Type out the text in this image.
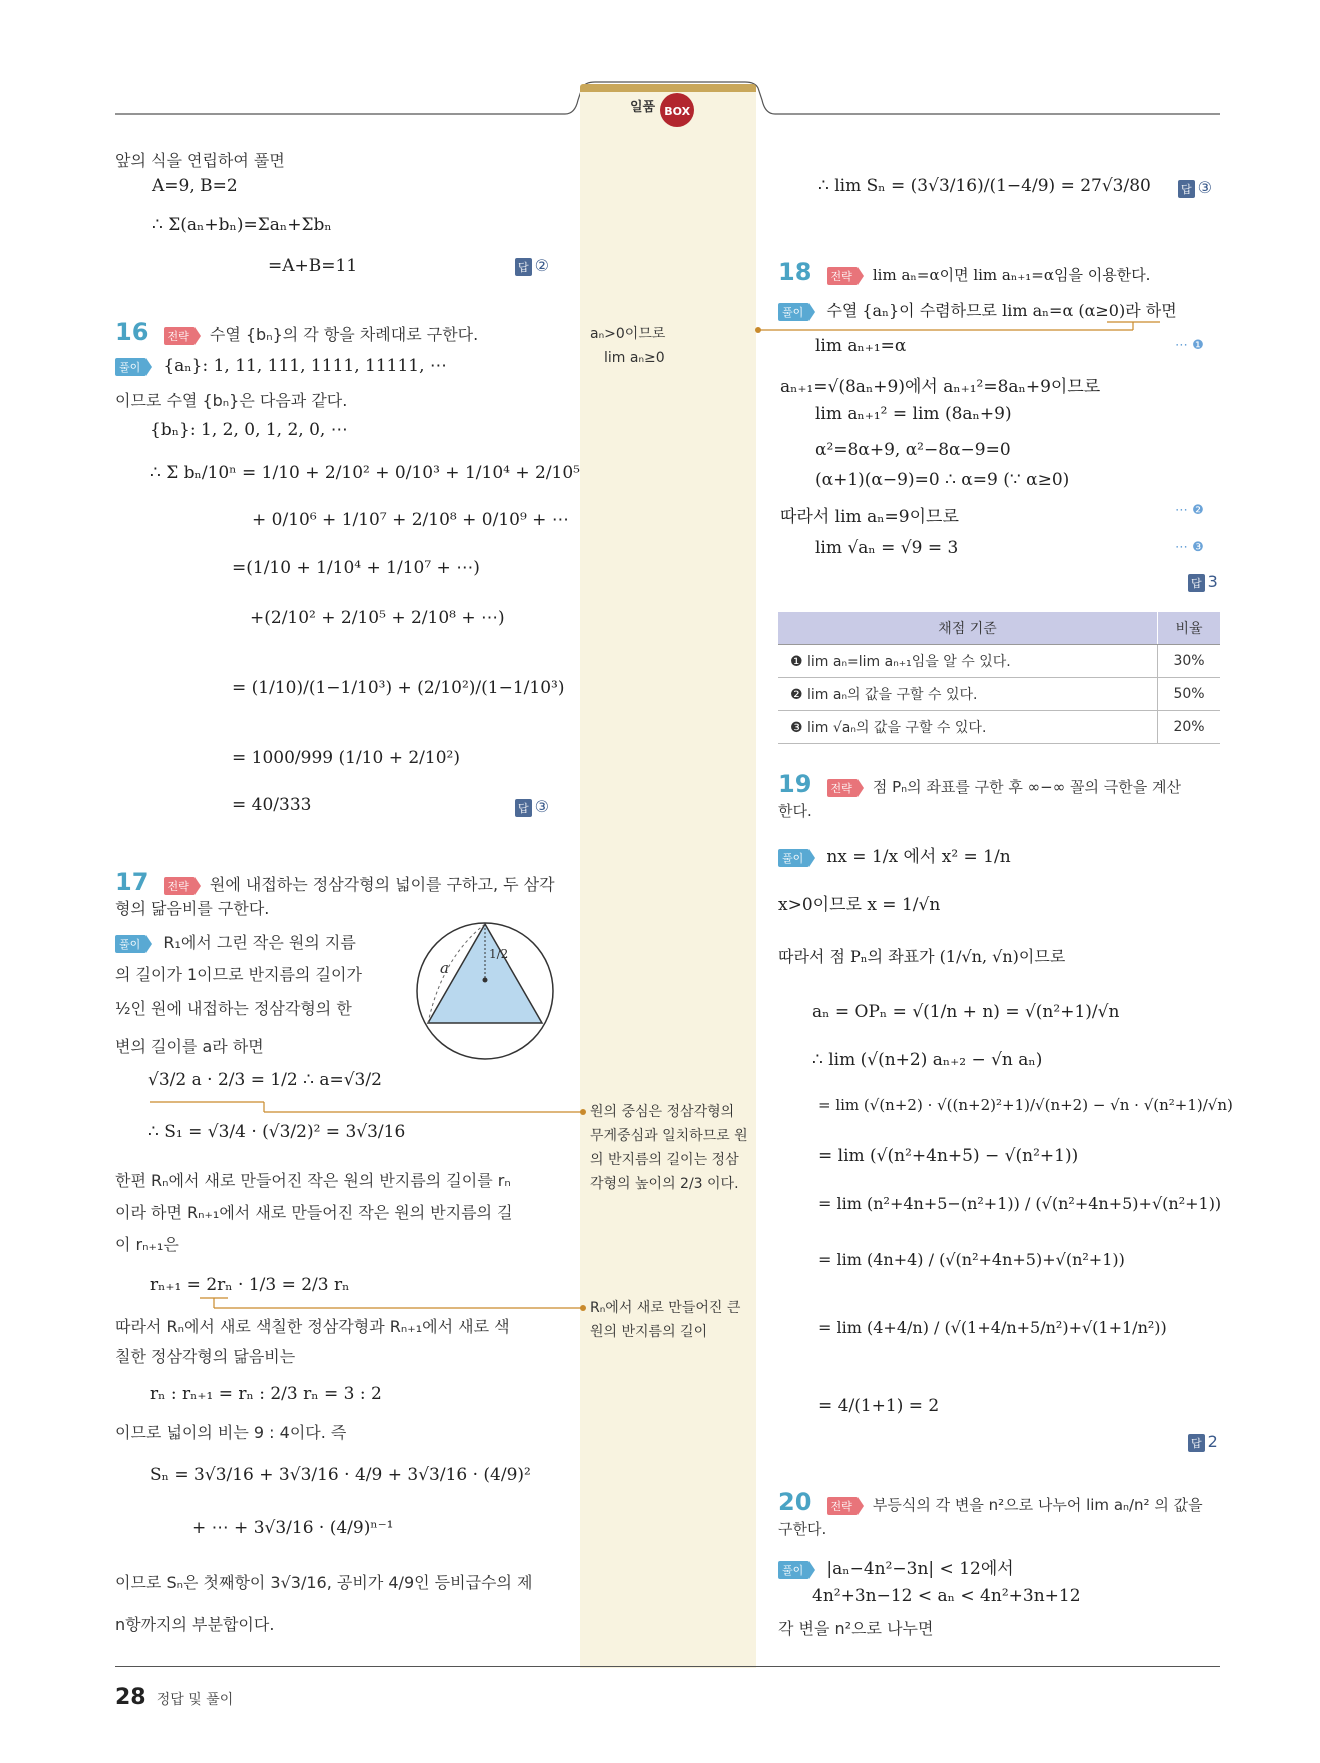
$^{일품}$ BOX
앞의 식을 연립하여 풀면
A=9, B=2
∴ Σ(aₙ+bₙ)=Σaₙ+Σbₙ
=A+B=11	답 ②
16 전략 수열 {bₙ}의 각 항을 차례대로 구한다.
풀이 {aₙ}: 1, 11, 111, 1111, 11111, ⋯
이므로 수열 {bₙ}은 다음과 같다.
{bₙ}: 1, 2, 0, 1, 2, 0, ⋯
∴ Σ bₙ/10ⁿ = 1/10 + 2/10² + 0/10³ + 1/10⁴ + 2/10⁵
+ 0/10⁶ + 1/10⁷ + 2/10⁸ + 0/10⁹ + ⋯
=(1/10 + 1/10⁴ + 1/10⁷ + ⋯)
+(2/10² + 2/10⁵ + 2/10⁸ + ⋯)
= (1/10)/(1−1/10³) + (2/10²)/(1−1/10³)
= 1000/999 (1/10 + 2/10²)
= 40/333	답 ③
17 전략 원에 내접하는 정삼각형의 넓이를 구하고, 두 삼각
형의 닮음비를 구한다.
풀이 R₁에서 그린 작은 원의 지름
의 길이가 1이므로 반지름의 길이가
½인 원에 내접하는 정삼각형의 한
변의 길이를 a라 하면
a
1/2
√3/2 a · 2/3 = 1/2 ∴ a=√3/2
∴ S₁ = √3/4 · (√3/2)² = 3√3/16
한편 Rₙ에서 새로 만들어진 작은 원의 반지름의 길이를 rₙ
이라 하면 Rₙ₊₁에서 새로 만들어진 작은 원의 반지름의 길
이 rₙ₊₁은
rₙ₊₁ = 2rₙ · 1/3 = 2/3 rₙ
따라서 Rₙ에서 새로 색칠한 정삼각형과 Rₙ₊₁에서 새로 색
칠한 정삼각형의 닮음비는
rₙ : rₙ₊₁ = rₙ : 2/3 rₙ = 3 : 2
이므로 넓이의 비는 9 : 4이다. 즉
Sₙ = 3√3/16 + 3√3/16 · 4/9 + 3√3/16 · (4/9)²
+ ⋯ + 3√3/16 · (4/9)ⁿ⁻¹
이므로 Sₙ은 첫째항이 3√3/16, 공비가 4/9인 등비급수의 제
n항까지의 부분합이다.
aₙ>0이므로
lim aₙ≥0
원의 중심은 정삼각형의
무게중심과 일치하므로 원
의 반지름의 길이는 정삼
각형의 높이의 2/3 이다.
Rₙ에서 새로 만들어진 큰
원의 반지름의 길이
∴ lim Sₙ = (3√3/16)/(1−4/9) = 27√3/80	답 ③
18 전략 lim aₙ=α이면 lim aₙ₊₁=α임을 이용한다.
풀이 수열 {aₙ}이 수렴하므로 lim aₙ=α (α≥0)라 하면
lim aₙ₊₁=α	⋯ ❶
aₙ₊₁=√(8aₙ+9)에서 aₙ₊₁²=8aₙ+9이므로
lim aₙ₊₁² = lim (8aₙ+9)
α²=8α+9, α²−8α−9=0
(α+1)(α−9)=0 ∴ α=9 (∵ α≥0)
따라서 lim aₙ=9이므로	⋯ ❷
lim √aₙ = √9 = 3	⋯ ❸
답 3
채점 기준	비율
❶ lim aₙ=lim aₙ₊₁임을 알 수 있다.	30%
❷ lim aₙ의 값을 구할 수 있다.	50%
❸ lim √aₙ의 값을 구할 수 있다.	20%
19 전략 점 Pₙ의 좌표를 구한 후 ∞−∞ 꼴의 극한을 계산
한다.
풀이 nx = 1/x 에서 x² = 1/n
x>0이므로 x = 1/√n
따라서 점 Pₙ의 좌표가 (1/√n, √n)이므로
aₙ = OPₙ = √(1/n + n) = √(n²+1)/√n
∴ lim (√(n+2) aₙ₊₂ − √n aₙ)
= lim (√(n+2) · √((n+2)²+1)/√(n+2) − √n · √(n²+1)/√n)
= lim (√(n²+4n+5) − √(n²+1))
= lim (n²+4n+5−(n²+1)) / (√(n²+4n+5)+√(n²+1))
= lim (4n+4) / (√(n²+4n+5)+√(n²+1))
= lim (4+4/n) / (√(1+4/n+5/n²)+√(1+1/n²))
= 4/(1+1) = 2
답 2
20 전략 부등식의 각 변을 n²으로 나누어 lim aₙ/n² 의 값을
구한다.
풀이 |aₙ−4n²−3n| < 12에서
4n²+3n−12 < aₙ < 4n²+3n+12
각 변을 n²으로 나누면
28 정답 및 풀이
